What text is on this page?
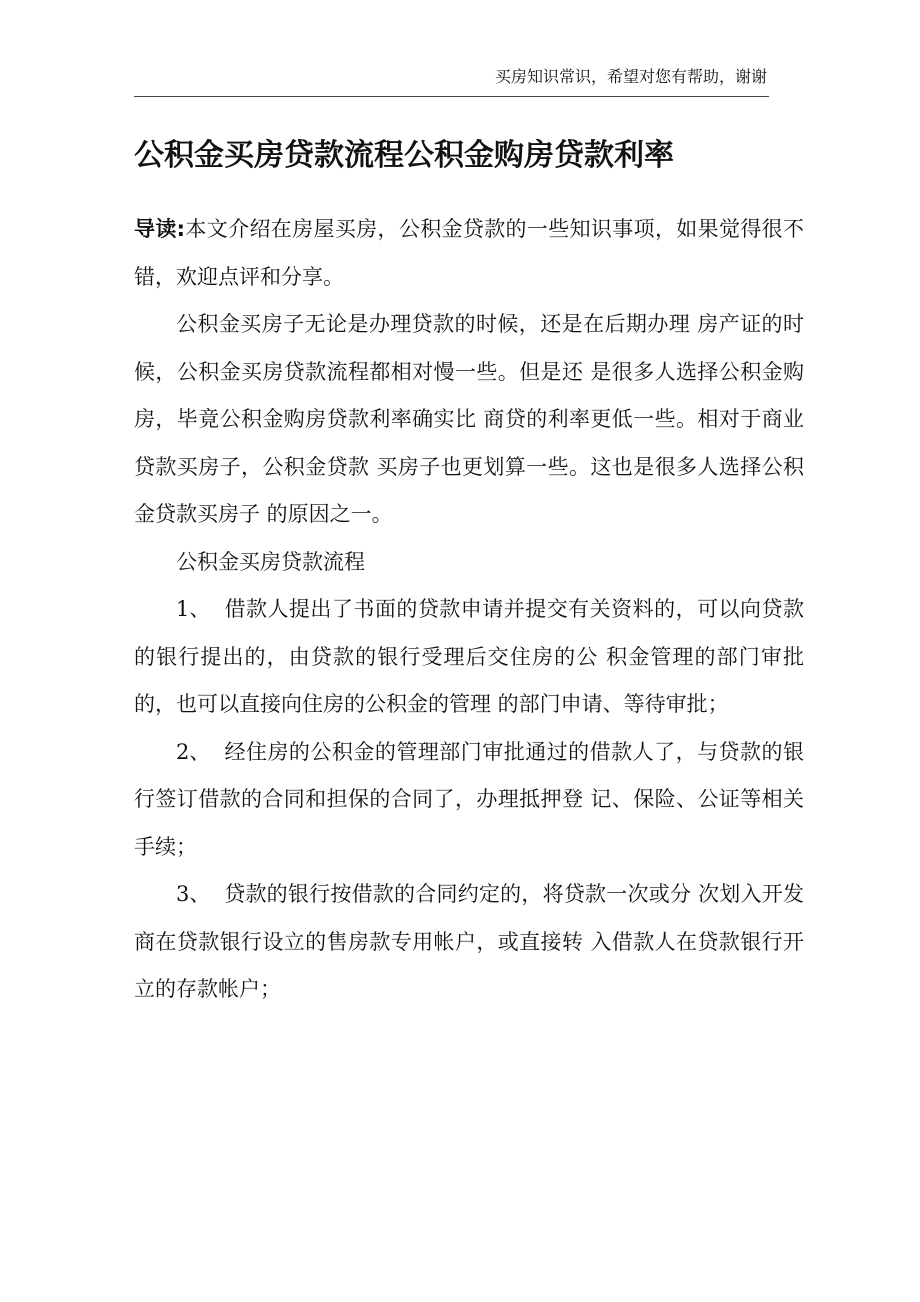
买房知识常识，希望对您有帮助，谢谢
公积金买房贷款流程公积金购房贷款利率

导读:本文介绍在房屋买房，公积金贷款的一些知识事项，如果觉得很不错，欢迎点评和分享。

公积金买房子无论是办理贷款的时候，还是在后期办理 房产证的时候，公积金买房贷款流程都相对慢一些。但是还 是很多人选择公积金购房，毕竟公积金购房贷款利率确实比 商贷的利率更低一些。相对于商业贷款买房子，公积金贷款 买房子也更划算一些。这也是很多人选择公积金贷款买房子 的原因之一。

公积金买房贷款流程

1、 借款人提出了书面的贷款申请并提交有关资料的，可以向贷款的银行提出的，由贷款的银行受理后交住房的公 积金管理的部门审批的，也可以直接向住房的公积金的管理 的部门申请、等待审批；

2、 经住房的公积金的管理部门审批通过的借款人了，与贷款的银行签订借款的合同和担保的合同了，办理抵押登 记、保险、公证等相关手续；

3、 贷款的银行按借款的合同约定的，将贷款一次或分 次划入开发商在贷款银行设立的售房款专用帐户，或直接转 入借款人在贷款银行开立的存款帐户；
